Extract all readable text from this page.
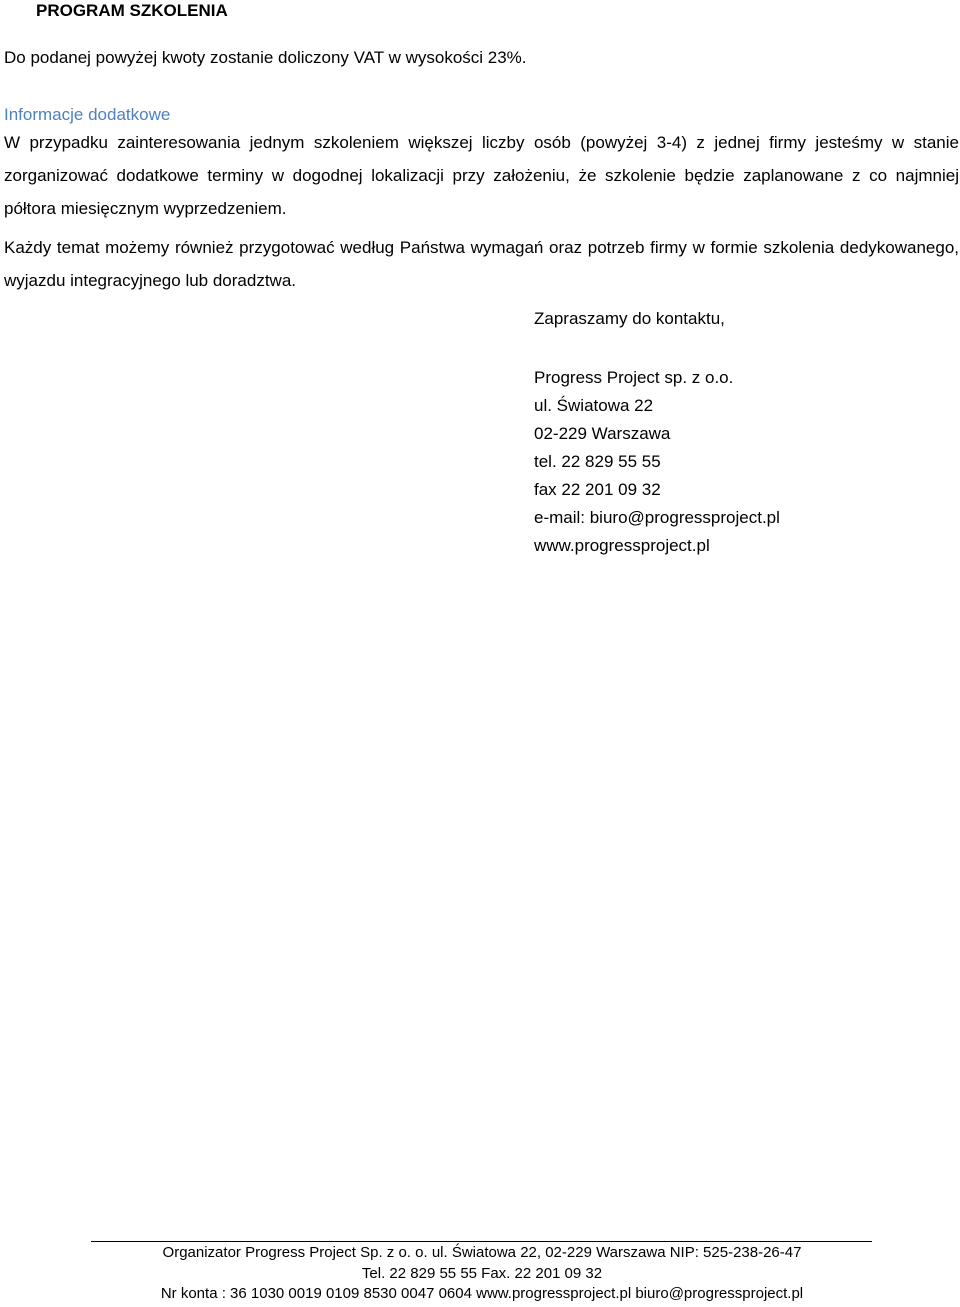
PROGRAM SZKOLENIA
Do podanej powyżej kwoty zostanie doliczony VAT w wysokości 23%.
Informacje dodatkowe

W przypadku zainteresowania jednym szkoleniem większej liczby osób (powyżej 3-4) z jednej firmy jesteśmy w stanie zorganizować dodatkowe terminy w dogodnej lokalizacji przy założeniu, że szkolenie będzie zaplanowane z co najmniej półtora miesięcznym wyprzedzeniem.

Każdy temat możemy również przygotować według Państwa wymagań oraz potrzeb firmy w formie szkolenia dedykowanego, wyjazdu integracyjnego lub doradztwa.

Zapraszamy do kontaktu,
Progress Project sp. z o.o.
ul. Światowa 22
02-229 Warszawa
tel. 22 829 55 55
fax 22 201 09 32
e-mail: biuro@progressproject.pl
www.progressproject.pl
Organizator Progress Project Sp. z o. o. ul. Światowa 22, 02-229 Warszawa NIP: 525-238-26-47
Tel. 22 829 55 55 Fax. 22 201 09 32
Nr konta : 36 1030 0019 0109 8530 0047 0604 www.progressproject.pl biuro@progressproject.pl
